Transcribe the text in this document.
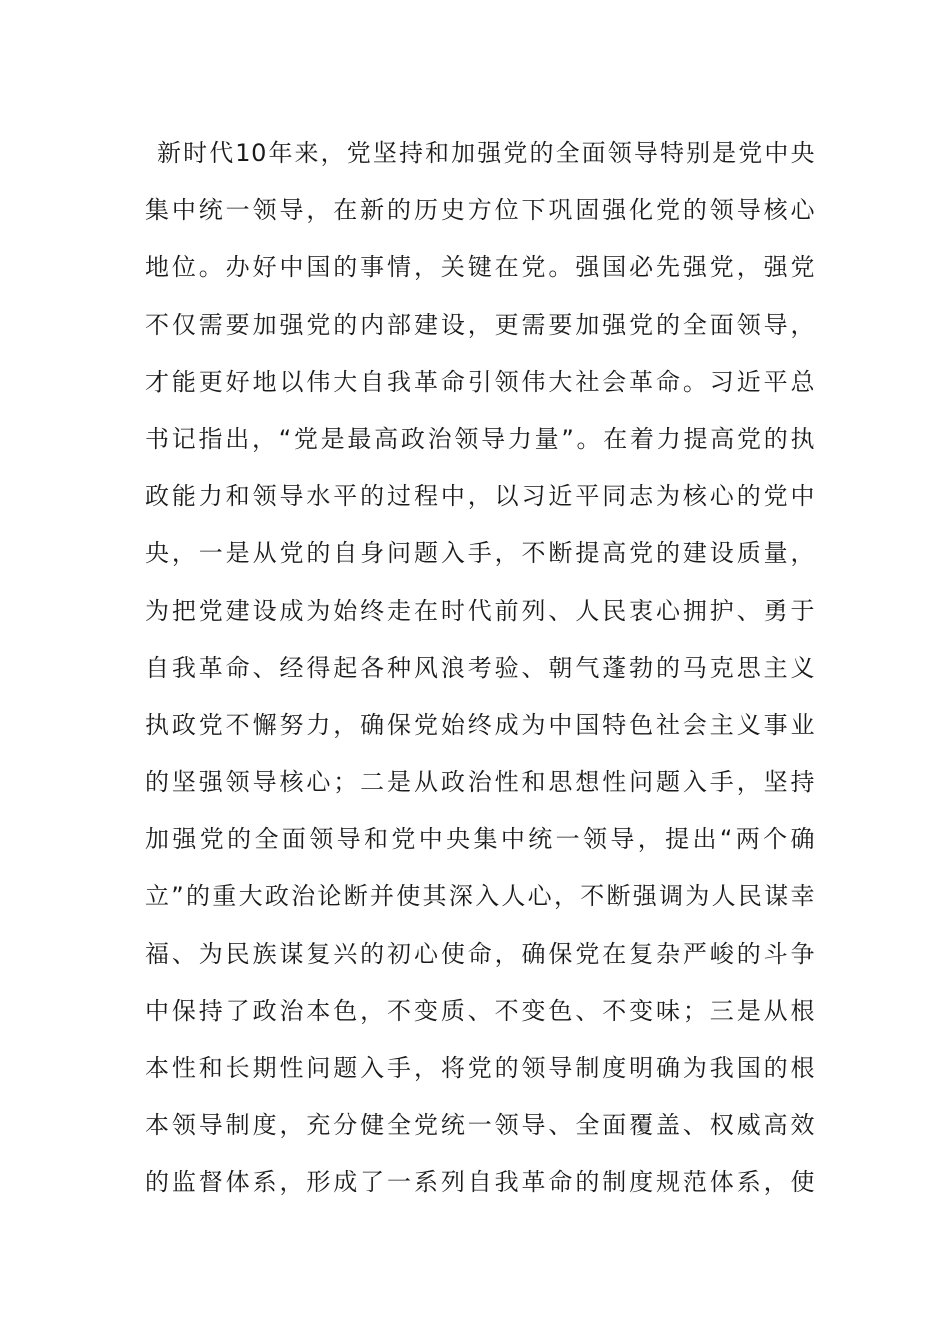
新时代10年来，党坚持和加强党的全面领导特别是党中央
集中统一领导，在新的历史方位下巩固强化党的领导核心
地位。办好中国的事情，关键在党。强国必先强党，强党
不仅需要加强党的内部建设，更需要加强党的全面领导，
才能更好地以伟大自我革命引领伟大社会革命。习近平总
书记指出，“党是最高政治领导力量”。在着力提高党的执
政能力和领导水平的过程中，以习近平同志为核心的党中
央，一是从党的自身问题入手，不断提高党的建设质量，
为把党建设成为始终走在时代前列、人民衷心拥护、勇于
自我革命、经得起各种风浪考验、朝气蓬勃的马克思主义
执政党不懈努力，确保党始终成为中国特色社会主义事业
的坚强领导核心；二是从政治性和思想性问题入手，坚持
加强党的全面领导和党中央集中统一领导，提出“两个确
立”的重大政治论断并使其深入人心，不断强调为人民谋幸
福、为民族谋复兴的初心使命，确保党在复杂严峻的斗争
中保持了政治本色，不变质、不变色、不变味；三是从根
本性和长期性问题入手，将党的领导制度明确为我国的根
本领导制度，充分健全党统一领导、全面覆盖、权威高效
的监督体系，形成了一系列自我革命的制度规范体系，使
